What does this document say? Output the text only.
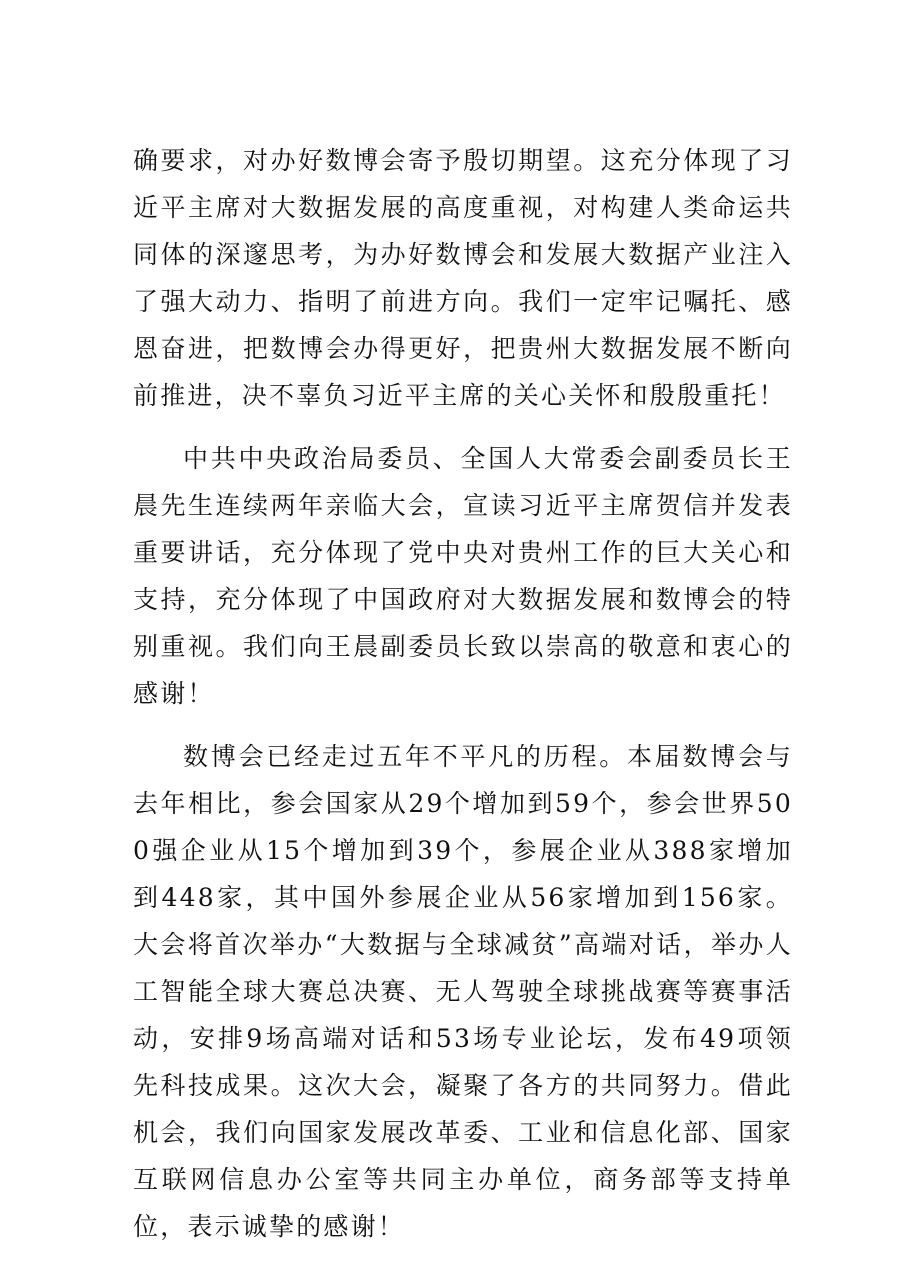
确要求，对办好数博会寄予殷切期望。这充分体现了习近平主席对大数据发展的高度重视，对构建人类命运共同体的深邃思考，为办好数博会和发展大数据产业注入了强大动力、指明了前进方向。我们一定牢记嘱托、感恩奋进，把数博会办得更好，把贵州大数据发展不断向前推进，决不辜负习近平主席的关心关怀和殷殷重托！

中共中央政治局委员、全国人大常委会副委员长王晨先生连续两年亲临大会，宣读习近平主席贺信并发表重要讲话，充分体现了党中央对贵州工作的巨大关心和支持，充分体现了中国政府对大数据发展和数博会的特别重视。我们向王晨副委员长致以崇高的敬意和衷心的感谢！

数博会已经走过五年不平凡的历程。本届数博会与去年相比，参会国家从29个增加到59个，参会世界500强企业从15个增加到39个，参展企业从388家增加到448家，其中国外参展企业从56家增加到156家。大会将首次举办“大数据与全球减贫”高端对话，举办人工智能全球大赛总决赛、无人驾驶全球挑战赛等赛事活动，安排9场高端对话和53场专业论坛，发布49项领先科技成果。这次大会，凝聚了各方的共同努力。借此机会，我们向国家发展改革委、工业和信息化部、国家互联网信息办公室等共同主办单位，商务部等支持单位，表示诚挚的感谢！
